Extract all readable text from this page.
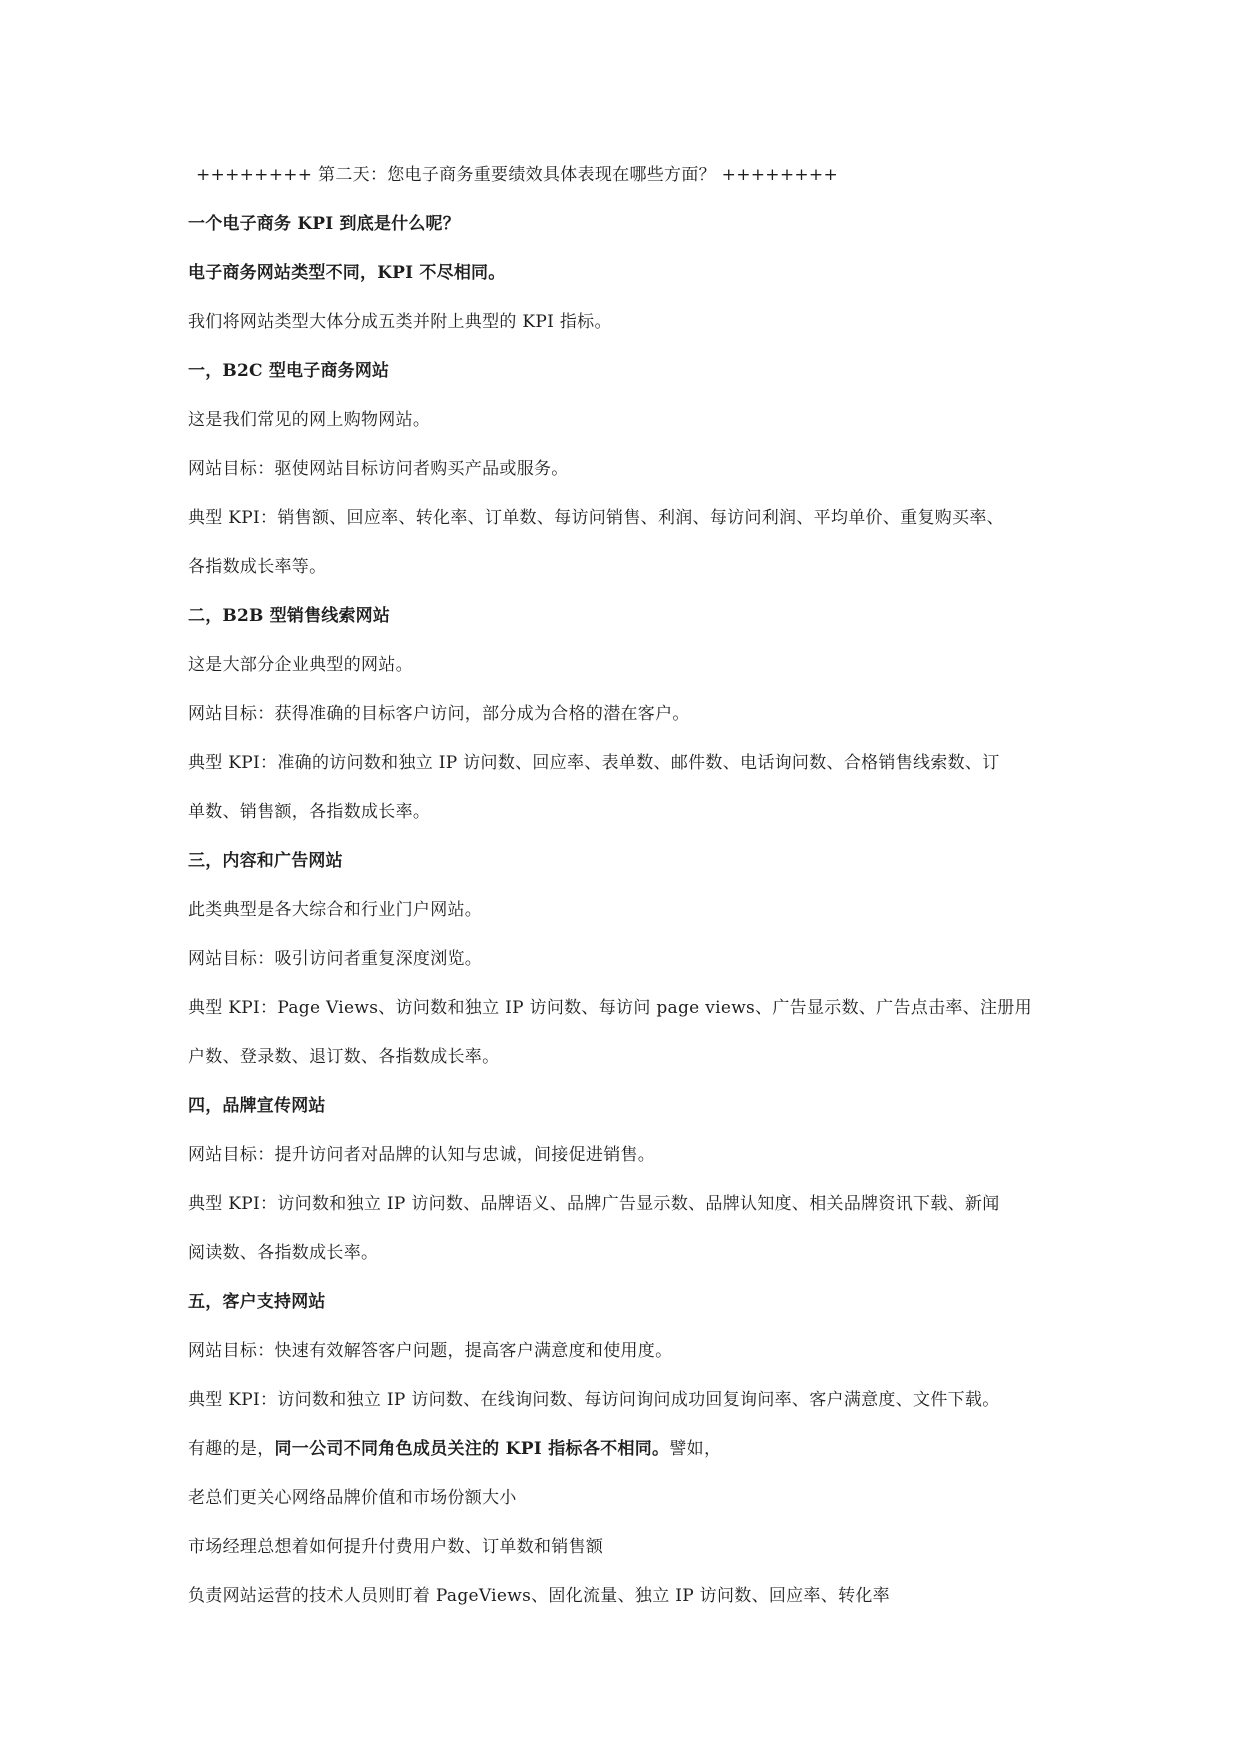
++++++++ 第二天：您电子商务重要绩效具体表现在哪些方面？ ++++++++
一个电子商务 KPI 到底是什么呢？
电子商务网站类型不同，KPI 不尽相同。
我们将网站类型大体分成五类并附上典型的 KPI 指标。
一，B2C 型电子商务网站
这是我们常见的网上购物网站。
网站目标：驱使网站目标访问者购买产品或服务。
典型 KPI：销售额、回应率、转化率、订单数、每访问销售、利润、每访问利润、平均单价、重复购买率、
各指数成长率等。
二，B2B 型销售线索网站
这是大部分企业典型的网站。
网站目标：获得准确的目标客户访问，部分成为合格的潜在客户。
典型 KPI：准确的访问数和独立 IP 访问数、回应率、表单数、邮件数、电话询问数、合格销售线索数、订
单数、销售额，各指数成长率。
三，内容和广告网站
此类典型是各大综合和行业门户网站。
网站目标：吸引访问者重复深度浏览。
典型 KPI：Page Views、访问数和独立 IP 访问数、每访问 page views、广告显示数、广告点击率、注册用
户数、登录数、退订数、各指数成长率。
四，品牌宣传网站
网站目标：提升访问者对品牌的认知与忠诚，间接促进销售。
典型 KPI：访问数和独立 IP 访问数、品牌语义、品牌广告显示数、品牌认知度、相关品牌资讯下载、新闻
阅读数、各指数成长率。
五，客户支持网站
网站目标：快速有效解答客户问题，提高客户满意度和使用度。
典型 KPI：访问数和独立 IP 访问数、在线询问数、每访问询问成功回复询问率、客户满意度、文件下载。
有趣的是，同一公司不同角色成员关注的 KPI 指标各不相同。譬如，
老总们更关心网络品牌价值和市场份额大小
市场经理总想着如何提升付费用户数、订单数和销售额
负责网站运营的技术人员则盯着 PageViews、固化流量、独立 IP 访问数、回应率、转化率
